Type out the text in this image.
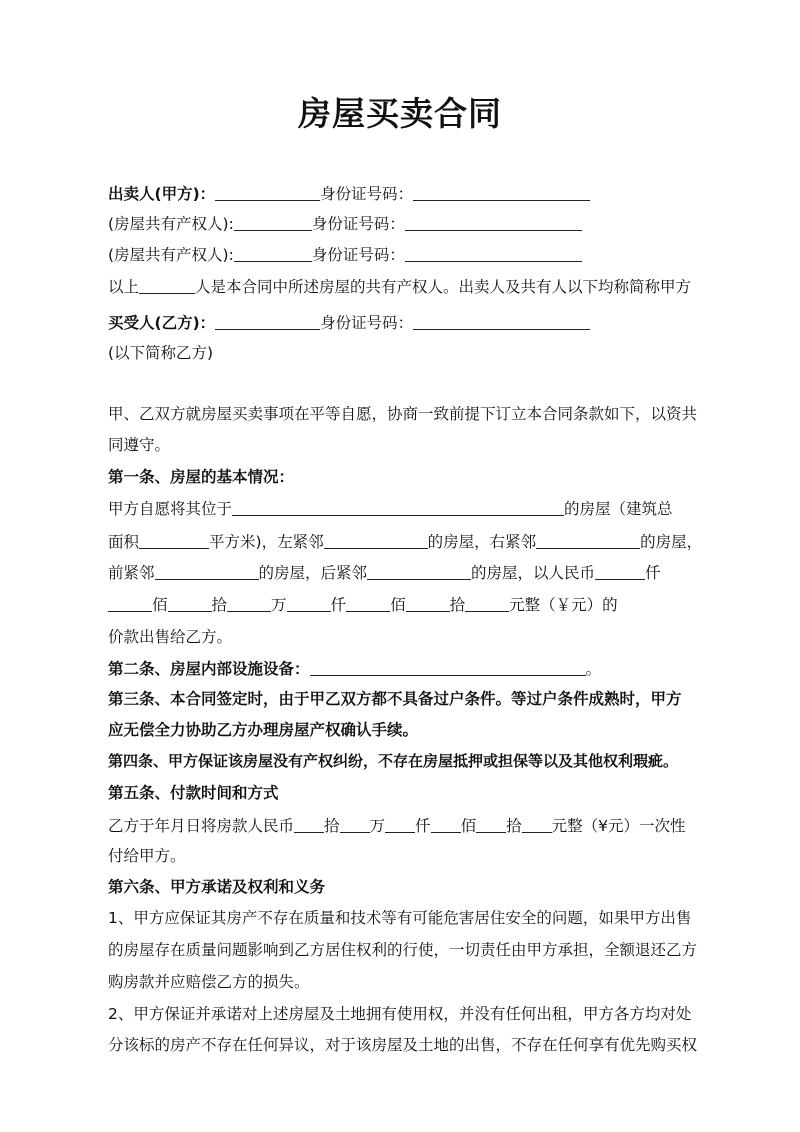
房屋买卖合同
出卖人(甲方)：	身份证号码：
(房屋共有产权人):	身份证号码：
(房屋共有产权人):	身份证号码：
以上	人是本合同中所述房屋的共有产权人。出卖人及共有人以下均称简称甲方
买受人(乙方)：	身份证号码：
(以下简称乙方)
甲、乙双方就房屋买卖事项在平等自愿，协商一致前提下订立本合同条款如下，以资共
同遵守。
第一条、房屋的基本情况：
甲方自愿将其位于	的房屋（建筑总
面积	平方米)，左紧邻	的房屋，右紧邻	的房屋，
前紧邻	的房屋，后紧邻	的房屋，以人民币	仟
佰	拾	万	仟	佰	拾	元整（￥元）的
价款出售给乙方。
第二条、房屋内部设施设备：	。
第三条、本合同签定时，由于甲乙双方都不具备过户条件。等过户条件成熟时，甲方
应无偿全力协助乙方办理房屋产权确认手续。
第四条、甲方保证该房屋没有产权纠纷，不存在房屋抵押或担保等以及其他权利瑕疵。
第五条、付款时间和方式
乙方于年月日将房款人民币 拾 万 仟 佰 拾 元整（¥元）一次性
付给甲方。
第六条、甲方承诺及权利和义务
1、甲方应保证其房产不存在质量和技术等有可能危害居住安全的问题，如果甲方出售
的房屋存在质量问题影响到乙方居住权利的行使，一切责任由甲方承担，全额退还乙方
购房款并应赔偿乙方的损失。
2、甲方保证并承诺对上述房屋及土地拥有使用权，并没有任何出租，甲方各方均对处
分该标的房产不存在任何异议，对于该房屋及土地的出售，不存在任何享有优先购买权
